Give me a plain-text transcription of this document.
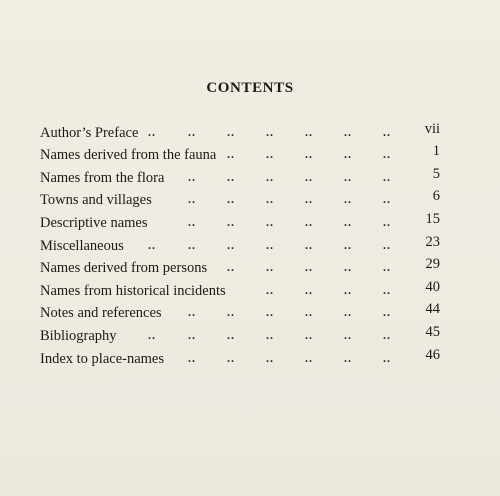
CONTENTS
Author’s Preface ..	..	..	..	..	..	.. vii
Names derived from the fauna ..	..	..	..	..	1
Names from the flora ..	..	..	..	..	..	5
Towns and villages	..	..	..	..	..	..	6
Descriptive names	..	..	..	..	..	.. 15
Miscellaneous ..	..	..	..	..	..	.. 23
Names derived from persons ..	..	..	..	.. 29
Names from historical incidents	..	..	..	.. 40
Notes and references ..	..	..	..	..	.. 44
Bibliography	..	..	..	..	..	..	.. 45
Index to place-names ..	..	..	..	..	.. 46
